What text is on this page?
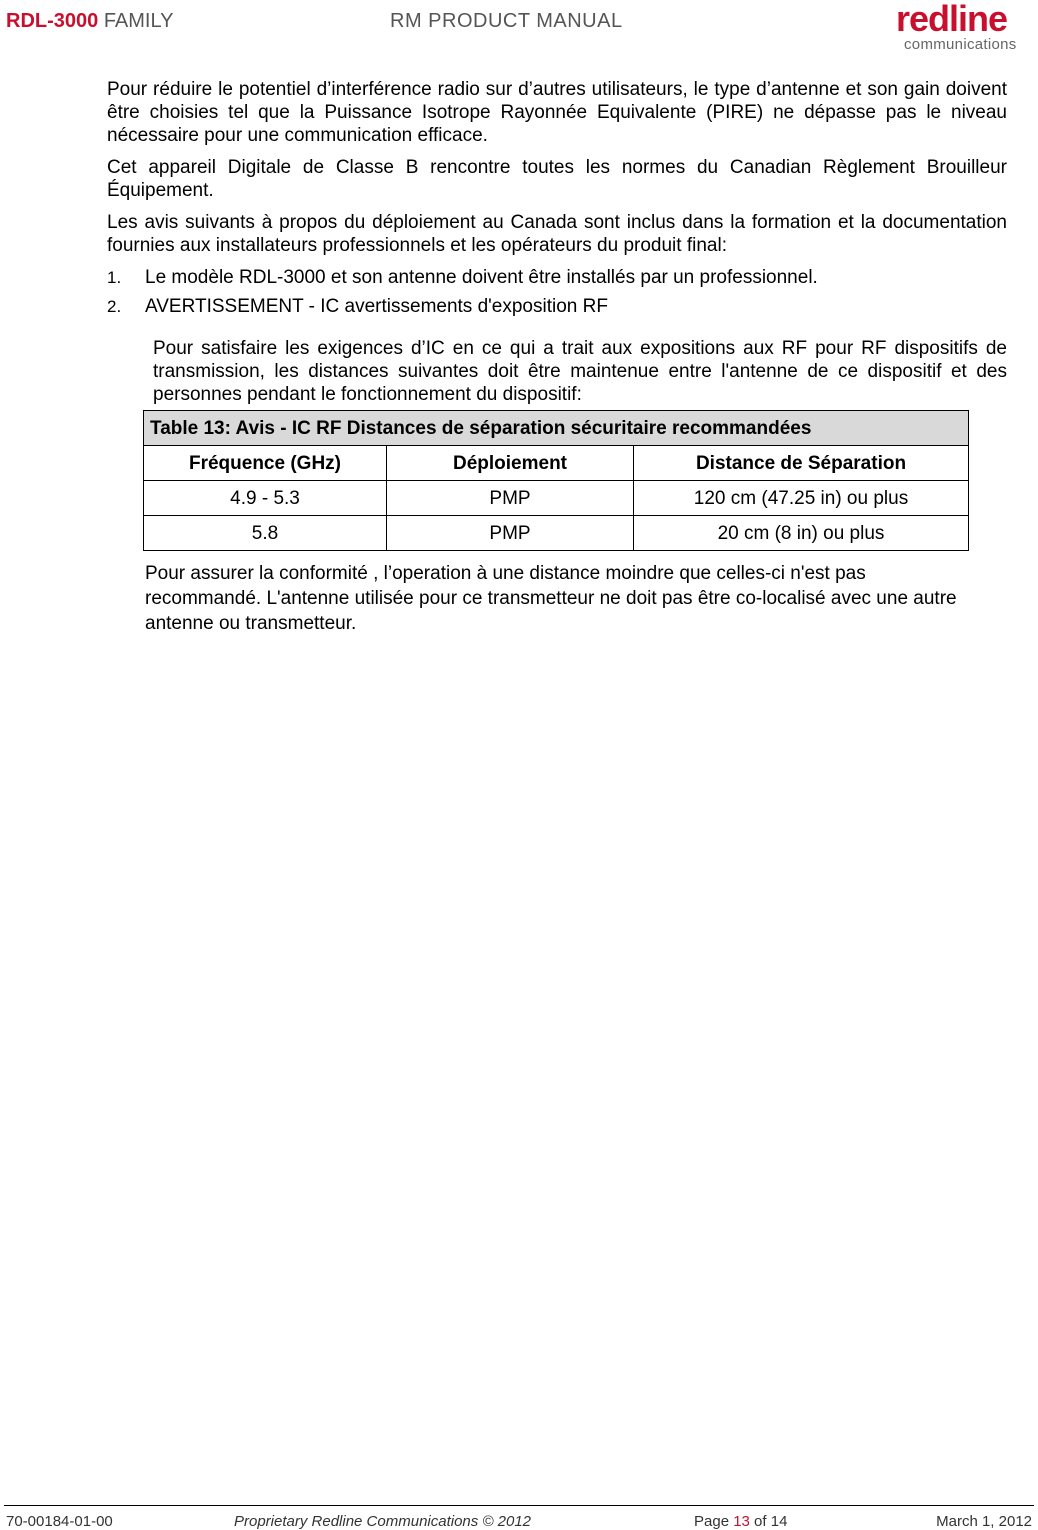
RDL-3000 FAMILY	RM PRODUCT MANUAL	redline
communications

Pour réduire le potentiel d’interférence radio sur d’autres utilisateurs, le type d’antenne et son gain doivent être choisies tel que la Puissance Isotrope Rayonnée Equivalente (PIRE) ne dépasse pas le niveau nécessaire pour une communication efficace.

Cet appareil Digitale de Classe B rencontre toutes les normes du Canadian Règlement Brouilleur Équipement.

Les avis suivants à propos du déploiement au Canada sont inclus dans la formation et la documentation fournies aux installateurs professionnels et les opérateurs du produit final:

1. Le modèle RDL-3000 et son antenne doivent être installés par un professionnel.
2. AVERTISSEMENT - IC avertissements d'exposition RF

Pour satisfaire les exigences d’IC en ce qui a trait aux expositions aux RF pour RF dispositifs de transmission, les distances suivantes doit être maintenue entre l'antenne de ce dispositif et des personnes pendant le fonctionnement du dispositif:

Table 13: Avis - IC RF Distances de séparation sécuritaire recommandées		
Fréquence (GHz)	Déploiement	Distance de Séparation
4.9 - 5.3	PMP	120 cm (47.25 in) ou plus
5.8	PMP	20 cm (8 in) ou plus

Pour assurer la conformité , l’operation à une distance moindre que celles-ci n'est pas recommandé. L'antenne utilisée pour ce transmetteur ne doit pas être co-localisé avec une autre antenne ou transmetteur.

70-00184-01-00	Proprietary Redline Communications © 2012	Page 13 of 14	March 1, 2012
